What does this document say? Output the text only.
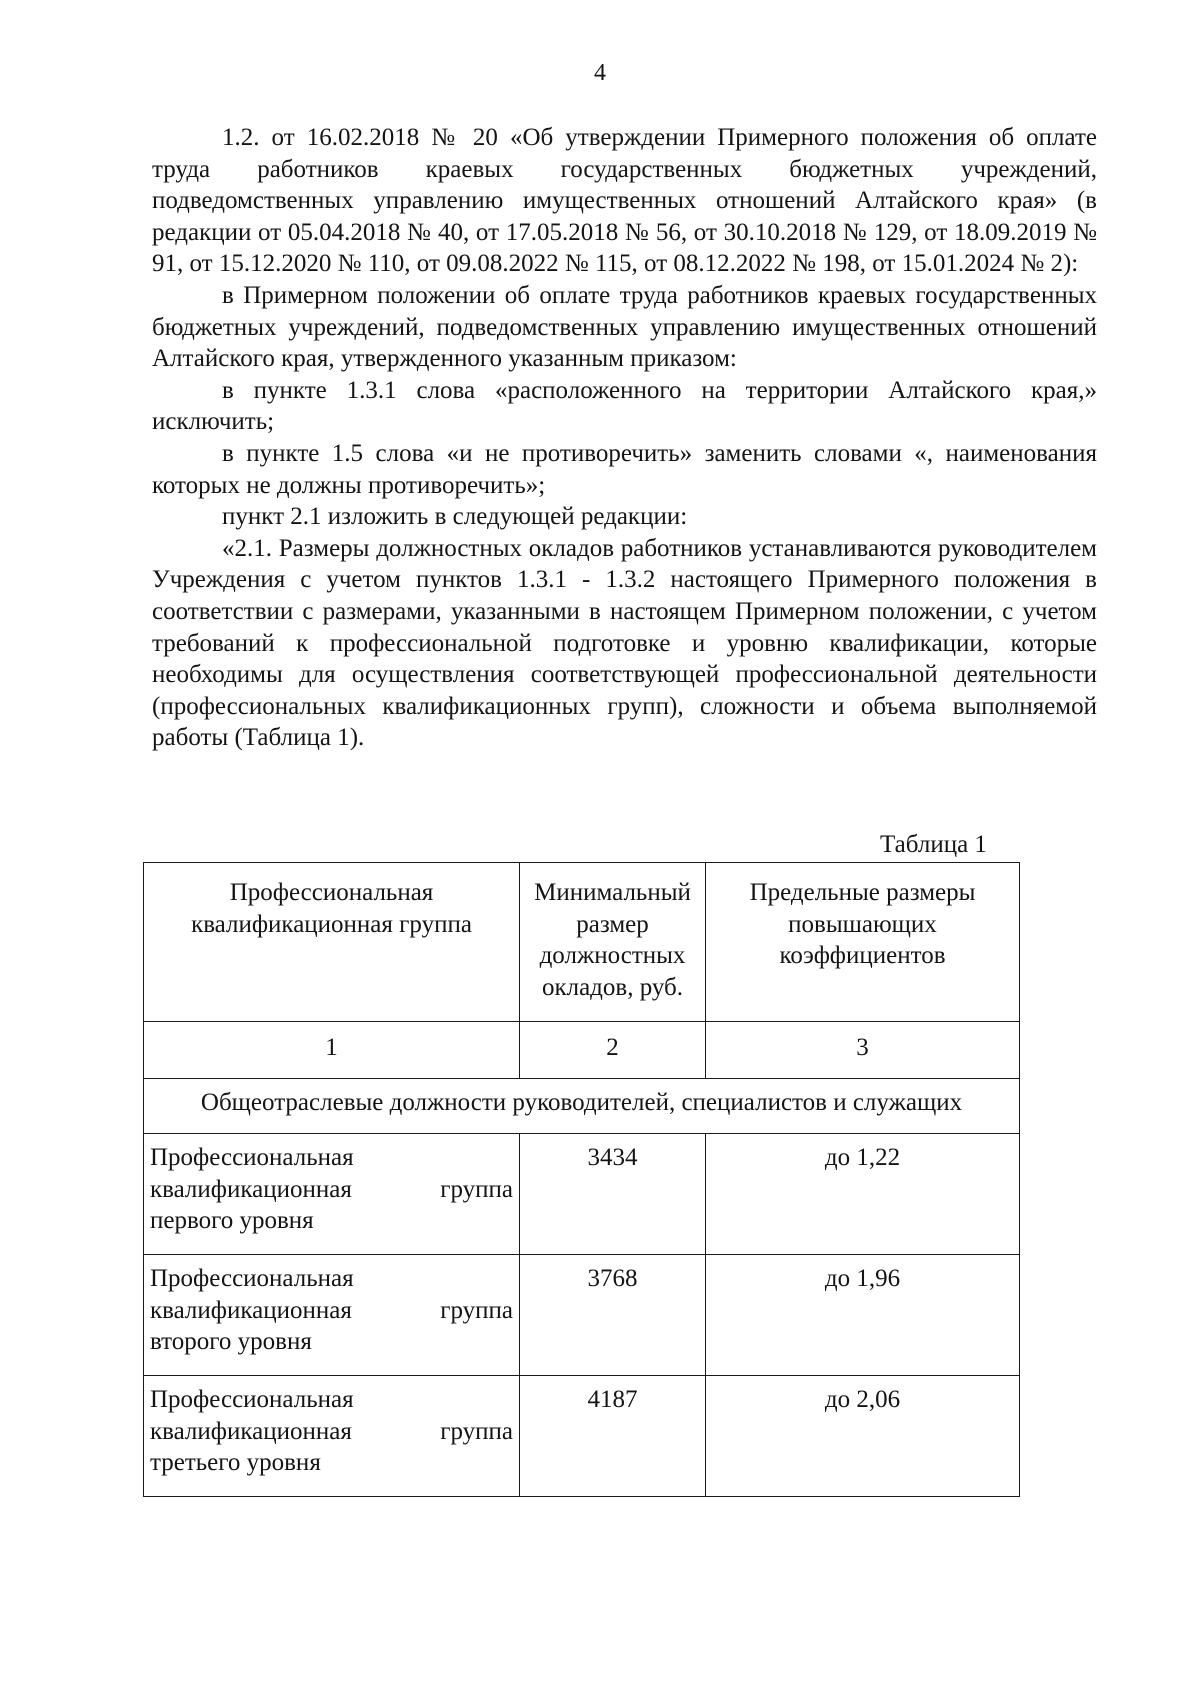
4

1.2. от 16.02.2018 № 20 «Об утверждении Примерного положения об оплате труда работников краевых государственных бюджетных учреждений, подведомственных управлению имущественных отношений Алтайского края» (в редакции от 05.04.2018 № 40, от 17.05.2018 № 56, от 30.10.2018 № 129, от 18.09.2019 № 91, от 15.12.2020 № 110, от 09.08.2022 № 115, от 08.12.2022 № 198, от 15.01.2024 № 2):

в Примерном положении об оплате труда работников краевых государственных бюджетных учреждений, подведомственных управлению имущественных отношений Алтайского края, утвержденного указанным приказом:

в пункте 1.3.1 слова «расположенного на территории Алтайского края,» исключить;

в пункте 1.5 слова «и не противоречить» заменить словами «, наименования которых не должны противоречить»;

пункт 2.1 изложить в следующей редакции:

«2.1. Размеры должностных окладов работников устанавливаются руководителем Учреждения с учетом пунктов 1.3.1 - 1.3.2 настоящего Примерного положения в соответствии с размерами, указанными в настоящем Примерном положении, с учетом требований к профессиональной подготовке и уровню квалификации, которые необходимы для осуществления соответствующей профессиональной деятельности (профессиональных квалификационных групп), сложности и объема выполняемой работы (Таблица 1).

Таблица 1
Профессиональная квалификационная группа	Минимальный размер должностных окладов, руб.	Предельные размеры повышающих коэффициентов
1	2	3
Общеотраслевые должности руководителей, специалистов и служащих		
Профессиональная квалификационная группа первого уровня	3434	до 1,22
Профессиональная квалификационная группа второго уровня	3768	до 1,96
Профессиональная квалификационная группа третьего уровня	4187	до 2,06
